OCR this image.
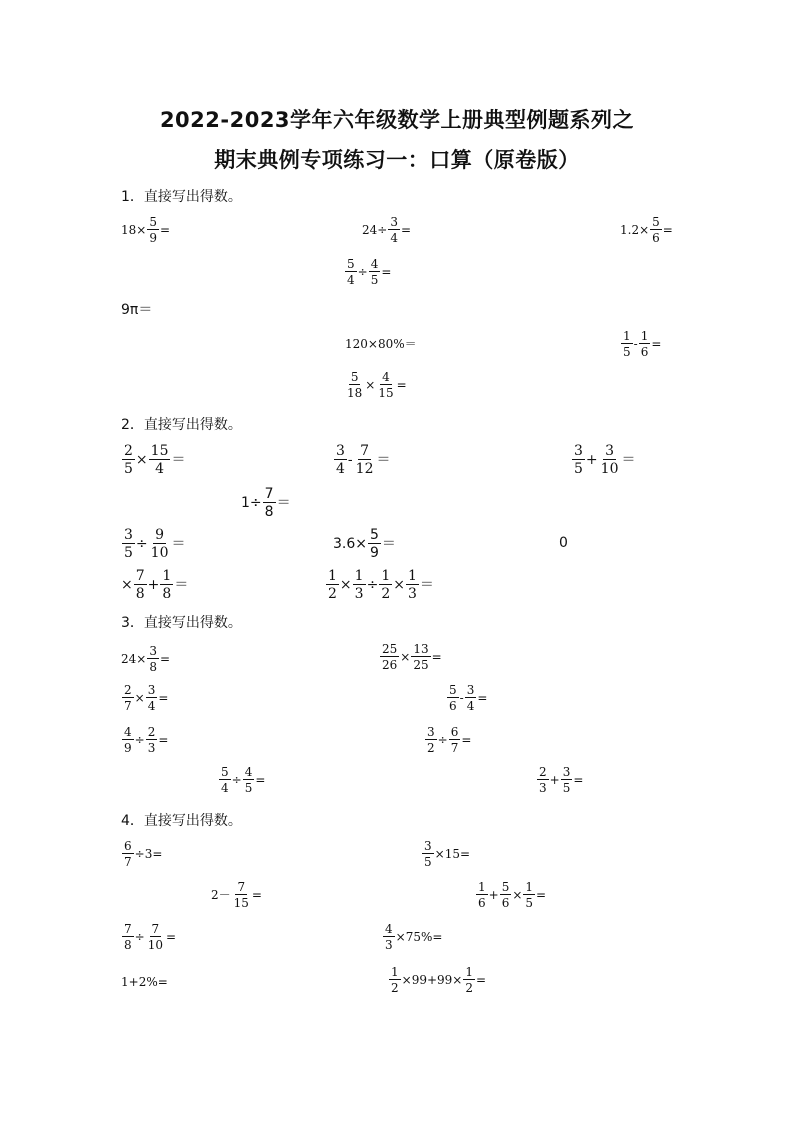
2022-2023学年六年级数学上册典型例题系列之
期末典例专项练习一：口算（原卷版）
1．直接写出得数。
2．直接写出得数。
3．直接写出得数。
4．直接写出得数。
$18\times \frac{5}{9}$ =	$24\div \frac{3}{4}$ =	$1.2\times \frac{5}{6}$ =
$\frac{5}{4} \div \frac{4}{5}$ =
9π＝
120×80%＝	$\frac{1}{5} - \frac{1}{6}$ =
$\frac{5}{18} \times \frac{4}{15}$ =
$\frac{2}{5} \times \frac{15}{4}$ ＝	$\frac{3}{4} - \frac{7}{12}$ ＝	$\frac{3}{5} + \frac{3}{10}$ ＝
$1\div \frac{7}{8}$ ＝
$\frac{3}{5} \div \frac{9}{10}$ ＝	$3.6\times \frac{5}{9}$ ＝	0
× $\frac{7}{8} + \frac{1}{8}$ ＝	$\frac{1}{2} \times \frac{1}{3} \div \frac{1}{2} \times \frac{1}{3}$ ＝
$24\times \frac{3}{8}$ =	$\frac{25}{26} \times \frac{13}{25}$ =
$\frac{2}{7} \times \frac{3}{4}$ =	$\frac{5}{6} - \frac{3}{4}$ =
$\frac{4}{9} \div \frac{2}{3}$ =	$\frac{3}{2} \div \frac{6}{7}$ =
$\frac{5}{4} \div \frac{4}{5}$ =	$\frac{2}{3} + \frac{3}{5}$ =
$\frac{6}{7} \div 3=$	$\frac{3}{5} \times 15=$
$2- \frac{7}{15}$ =	$\frac{1}{6} + \frac{5}{6} \times \frac{1}{5}$ =
$\frac{7}{8} \div \frac{7}{10}$ =	$\frac{4}{3} \times 75\%=$
1+2%=	$\frac{1}{2} \times 99+99\times \frac{1}{2}$ =
